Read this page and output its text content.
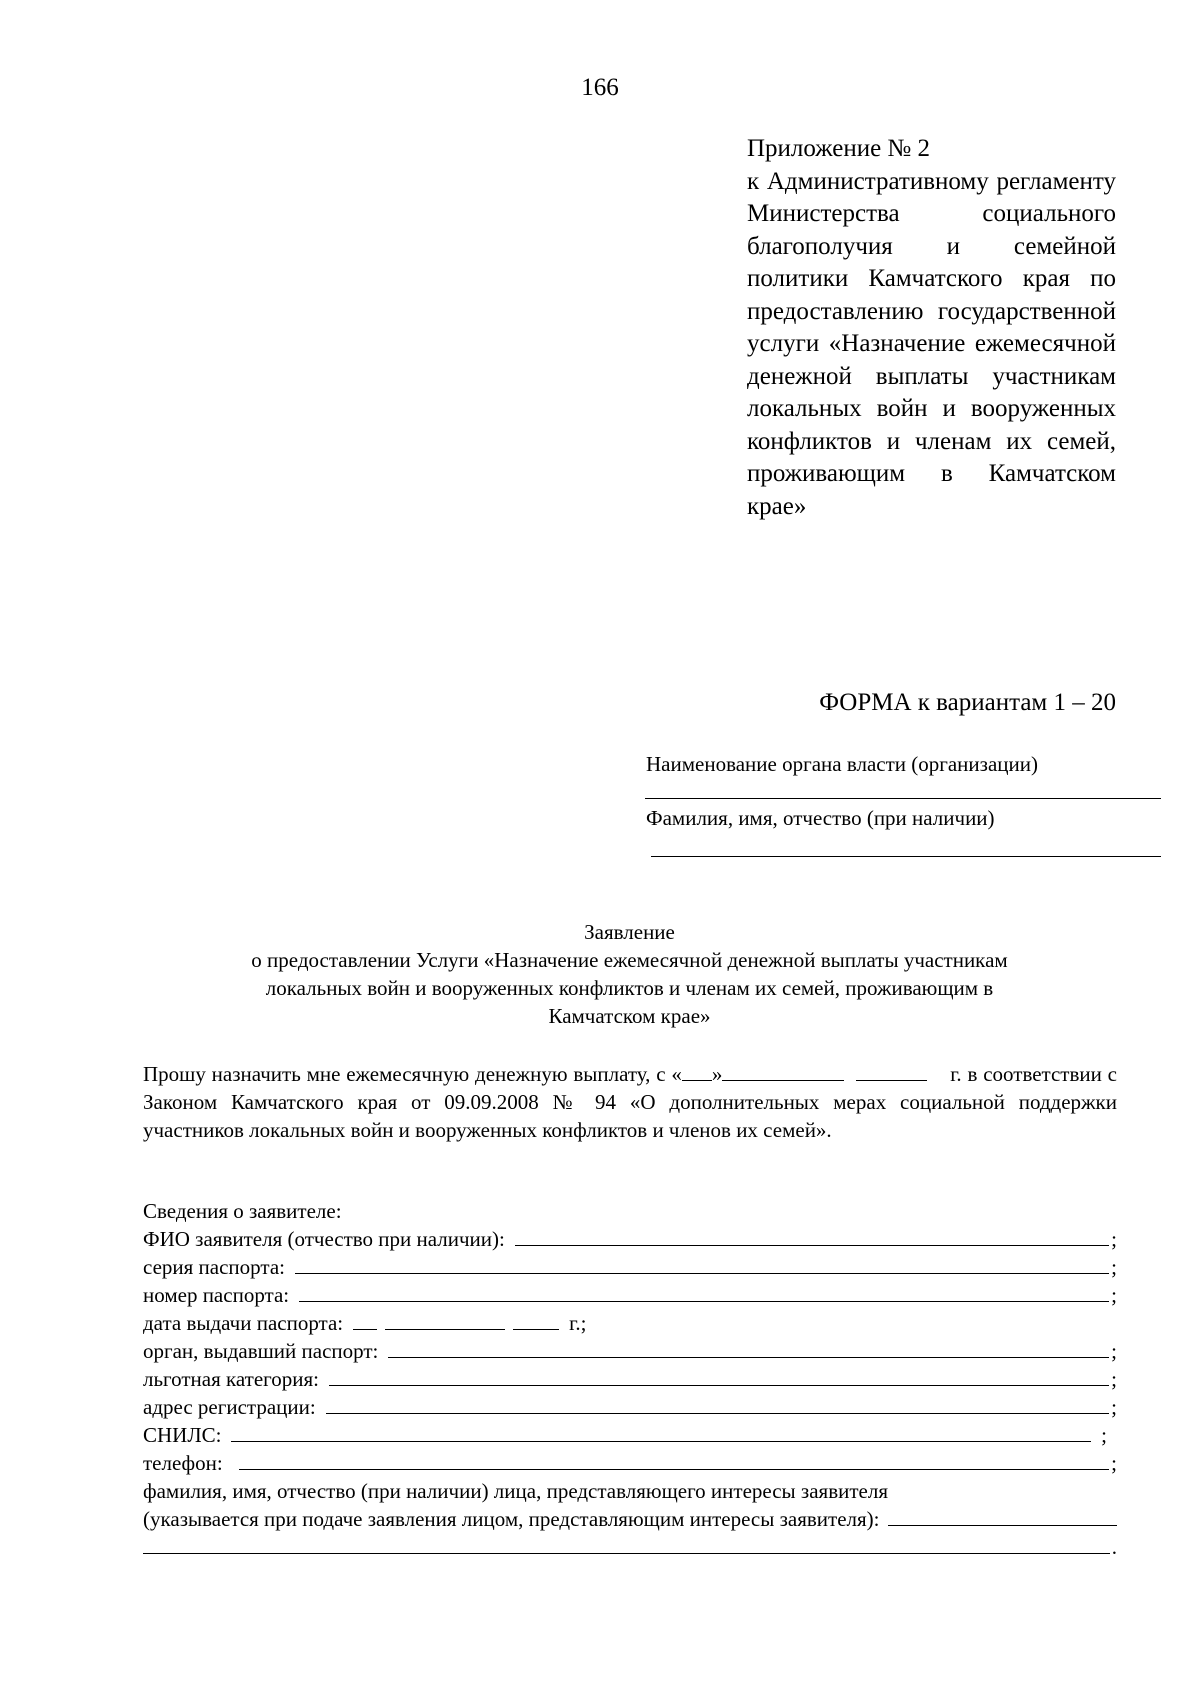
166
Приложение № 2
к Административному регламенту Министерства социального благополучия и семейной политики Камчатского края по предоставлению государственной услуги «Назначение ежемесячной денежной выплаты участникам локальных войн и вооруженных конфликтов и членам их семей, проживающим в Камчатском крае»
ФОРМА к вариантам 1 – 20
Наименование органа власти (организации)
Фамилия, имя, отчество (при наличии)
Заявление
о предоставлении Услуги «Назначение ежемесячной денежной выплаты участникам
локальных войн и вооруженных конфликтов и членам их семей, проживающим в
Камчатском крае»
Прошу назначить мне ежемесячную денежную выплату, с « »	г. в соответствии с Законом Камчатского края от 09.09.2008 № 94 «О дополнительных мерах социальной поддержки участников локальных войн и вооруженных конфликтов и членов их семей».
Сведения о заявителе:
ФИО заявителя (отчество при наличии):	;
серия паспорта:	;
номер паспорта:	;
дата выдачи паспорта:	г.;
орган, выдавший паспорт:	;
льготная категория:	;
адрес регистрации:	;
СНИЛС:	;
телефон:	;
фамилия, имя, отчество (при наличии) лица, представляющего интересы заявителя
(указывается при подаче заявления лицом, представляющим интересы заявителя):
.
